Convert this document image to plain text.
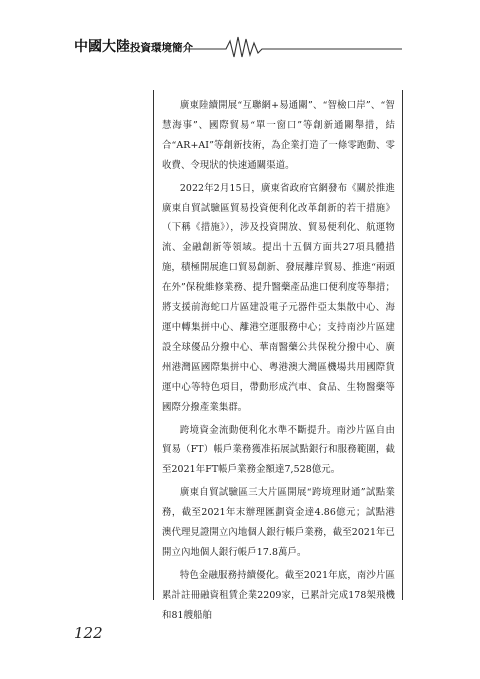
中國大陸投資環境簡介

廣東陸續開展“互聯網+易通關”、“智檢口岸”、“智慧海事”、國際貿易“單一窗口”等創新通關舉措，結合“AR+AI”等創新技術，為企業打造了一條零跑動、零收費、令現狀的快速通關渠道。

2022年2月15日，廣東省政府官網發布《關於推進廣東自貿試驗區貿易投資便利化改革創新的若干措施》（下稱《措施》），涉及投資開放、貿易便利化、航運物流、金融創新等領域。提出十五個方面共27項具體措施，積極開展進口貿易創新、發展離岸貿易、推進“兩頭在外”保稅維修業務、提升醫藥產品進口便利度等舉措；將支援前海蛇口片區建設電子元器件亞太集散中心、海運中轉集拼中心、離港空運服務中心；支持南沙片區建設全球優品分撥中心、華南醫藥公共保稅分撥中心、廣州港灣區國際集拼中心、粵港澳大灣區機場共用國際貨運中心等特色項目，帶動形成汽車、食品、生物醫藥等國際分撥產業集群。

跨境資金流動便利化水準不斷提升。南沙片區自由貿易（FT）帳戶業務獲准拓展試點銀行和服務範圍，截至2021年FT帳戶業務金額達7,528億元。

廣東自貿試驗區三大片區開展“跨境理財通”試點業務，截至2021年末辦理匯劃資金達4.86億元；試點港澳代理見證開立內地個人銀行帳戶業務，截至2021年已開立內地個人銀行帳戶17.8萬戶。

特色金融服務持續優化。截至2021年底，南沙片區累計註冊融資租賃企業2209家，已累計完成178架飛機和81艘船舶

122
